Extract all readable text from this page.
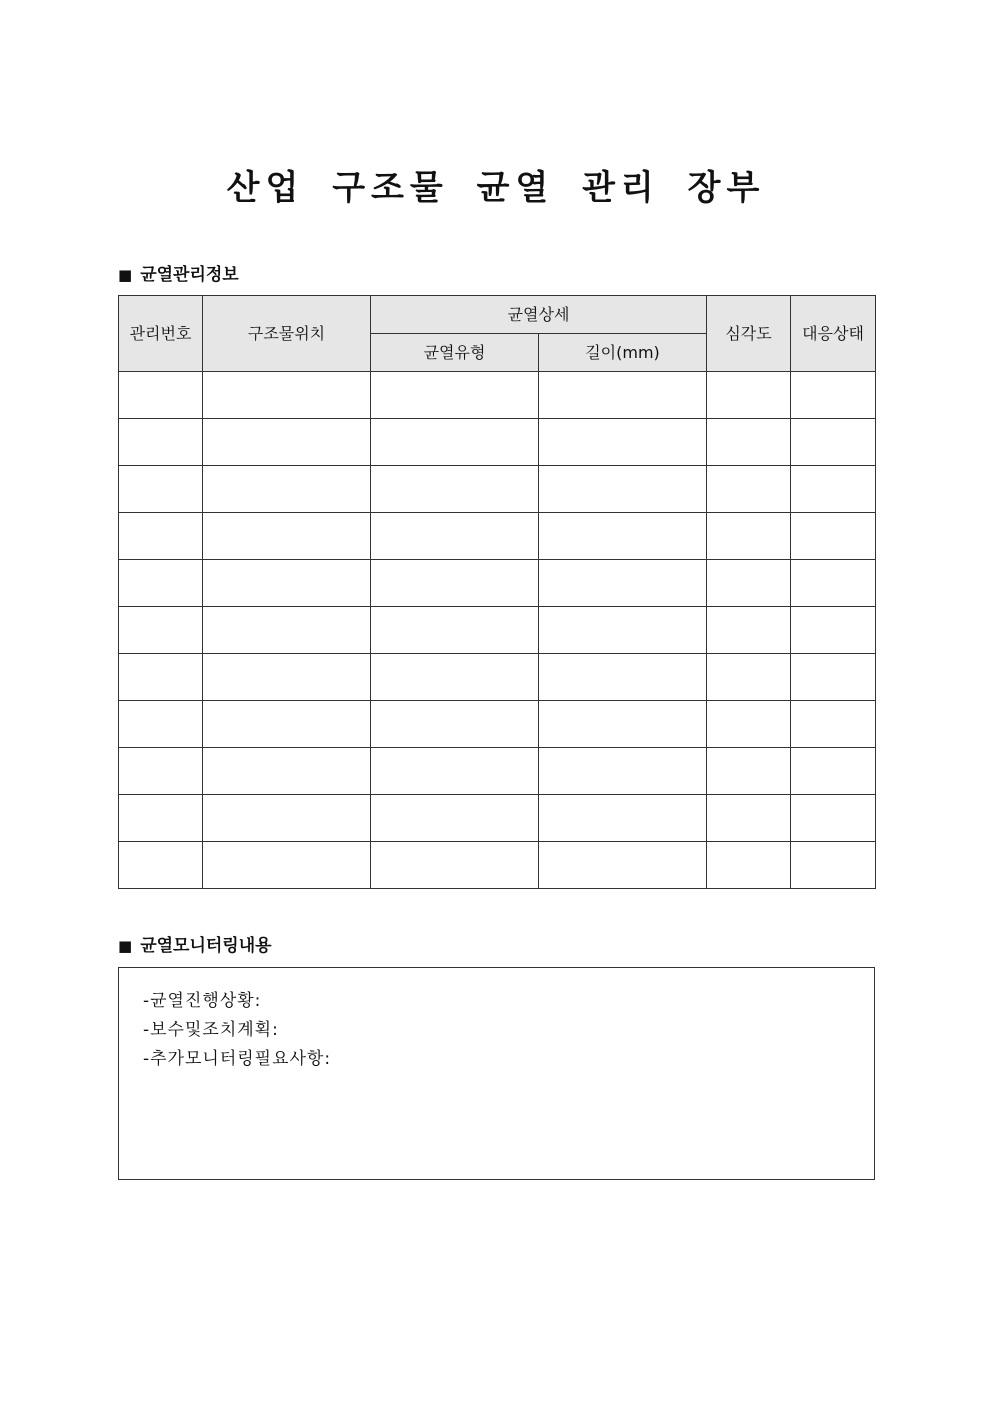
산업 구조물 균열 관리 장부
■ 균열관리정보
관리번호	구조물위치	균열상세		심각도	대응상태
		균열유형	길이(mm)		

■ 균열모니터링내용
-균열진행상황:
-보수및조치계획:
-추가모니터링필요사항:
